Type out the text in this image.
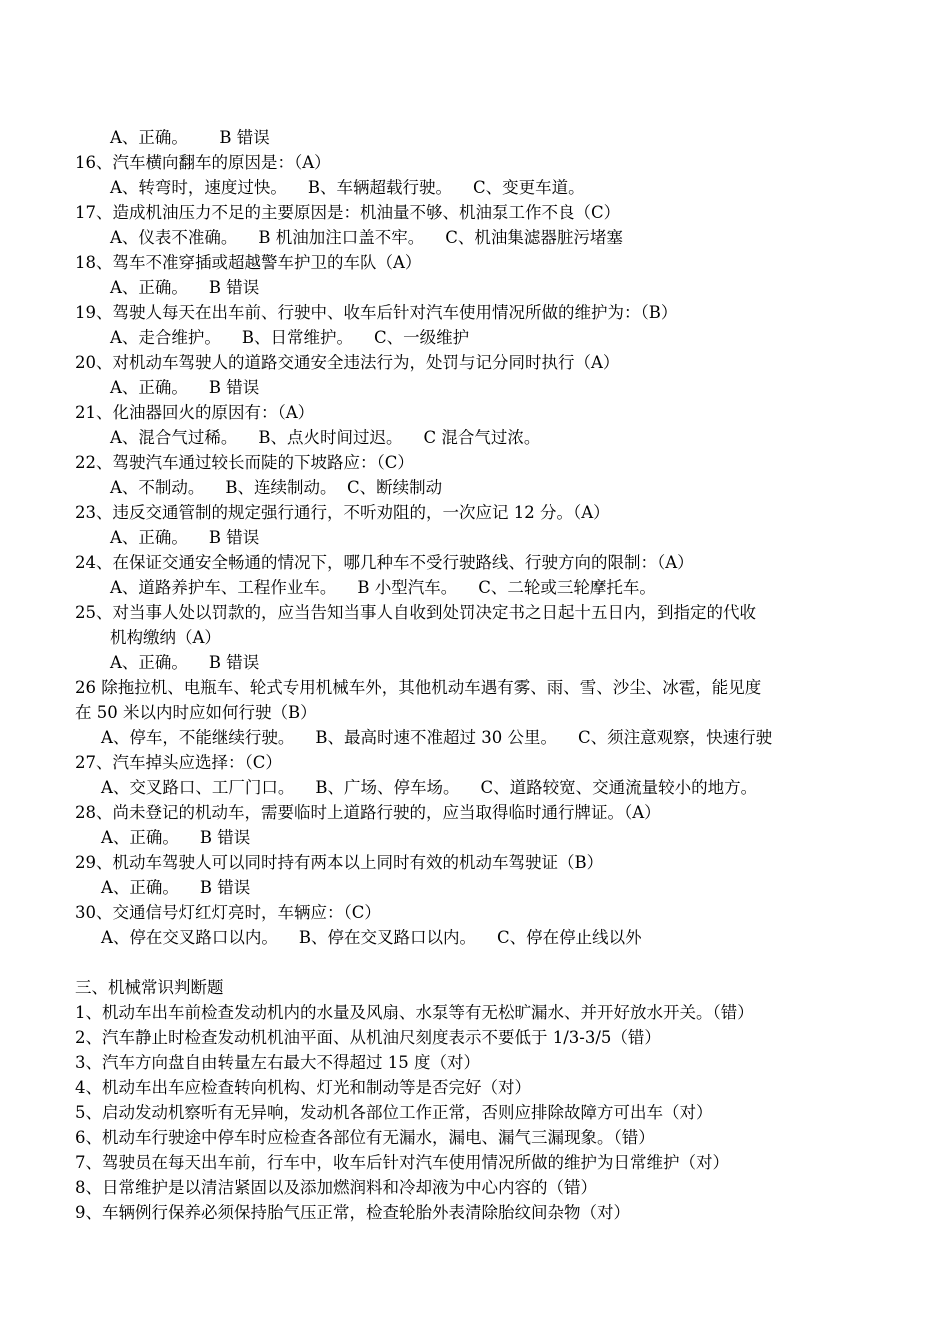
A、正确。      B 错误
16、汽车横向翻车的原因是：（A）
A、转弯时，速度过快。    B、车辆超载行驶。    C、变更车道。
17、造成机油压力不足的主要原因是：机油量不够、机油泵工作不良（C）
A、仪表不准确。    B 机油加注口盖不牢。    C、机油集滤器脏污堵塞
18、驾车不准穿插或超越警车护卫的车队（A）
A、正确。    B 错误
19、驾驶人每天在出车前、行驶中、收车后针对汽车使用情况所做的维护为：（B）
A、走合维护。    B、日常维护。    C、一级维护
20、对机动车驾驶人的道路交通安全违法行为，处罚与记分同时执行（A）
A、正确。    B 错误
21、化油器回火的原因有：（A）
A、混合气过稀。    B、点火时间过迟。    C 混合气过浓。
22、驾驶汽车通过较长而陡的下坡路应：（C）
A、不制动。    B、连续制动。  C、断续制动
23、违反交通管制的规定强行通行，不听劝阻的，一次应记 12 分。（A）
A、正确。    B 错误
24、在保证交通安全畅通的情况下，哪几种车不受行驶路线、行驶方向的限制：（A）
A、道路养护车、工程作业车。    B 小型汽车。    C、二轮或三轮摩托车。
25、对当事人处以罚款的，应当告知当事人自收到处罚决定书之日起十五日内，到指定的代收
机构缴纳（A）
A、正确。    B 错误
26 除拖拉机、电瓶车、轮式专用机械车外，其他机动车遇有雾、雨、雪、沙尘、冰雹，能见度
在 50 米以内时应如何行驶（B）
A、停车，不能继续行驶。    B、最高时速不准超过 30 公里。    C、须注意观察，快速行驶
27、汽车掉头应选择：（C）
A、交叉路口、工厂门口。    B、广场、停车场。    C、道路较宽、交通流量较小的地方。
28、尚未登记的机动车，需要临时上道路行驶的，应当取得临时通行牌证。（A）
A、正确。    B 错误
29、机动车驾驶人可以同时持有两本以上同时有效的机动车驾驶证（B）
A、正确。    B 错误
30、交通信号灯红灯亮时，车辆应：（C）
A、停在交叉路口以内。    B、停在交叉路口以内。    C、停在停止线以外
三、机械常识判断题
1、机动车出车前检查发动机内的水量及风扇、水泵等有无松旷漏水、并开好放水开关。（错）
2、汽车静止时检查发动机机油平面、从机油尺刻度表示不要低于 1/3-3/5（错）
3、汽车方向盘自由转量左右最大不得超过 15 度（对）
4、机动车出车应检查转向机构、灯光和制动等是否完好（对）
5、启动发动机察听有无异响，发动机各部位工作正常，否则应排除故障方可出车（对）
6、机动车行驶途中停车时应检查各部位有无漏水，漏电、漏气三漏现象。（错）
7、驾驶员在每天出车前，行车中，收车后针对汽车使用情况所做的维护为日常维护（对）
8、日常维护是以清洁紧固以及添加燃润料和冷却液为中心内容的（错）
9、车辆例行保养必须保持胎气压正常，检查轮胎外表清除胎纹间杂物（对）
